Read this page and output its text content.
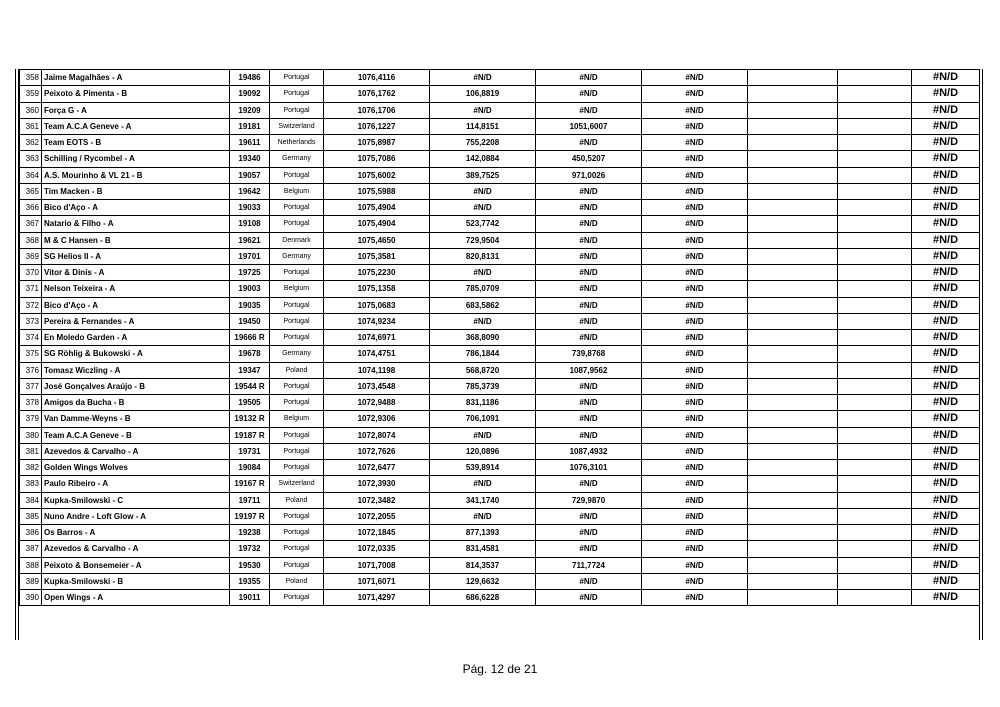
358	Jaime Magalhães - A	19486	Portugal	1076,4116	#N/D	#N/D	#N/D			#N/D
359	Peixoto & Pimenta - B	19092	Portugal	1076,1762	106,8819	#N/D	#N/D			#N/D
360	Força G - A	19209	Portugal	1076,1706	#N/D	#N/D	#N/D			#N/D
361	Team A.C.A Geneve - A	19181	Switzerland	1076,1227	114,8151	1051,6007	#N/D			#N/D
362	Team EOTS - B	19611	Netherlands	1075,8987	755,2208	#N/D	#N/D			#N/D
363	Schilling / Rycombel - A	19340	Germany	1075,7086	142,0884	450,5207	#N/D			#N/D
364	A.S. Mourinho & VL 21 - B	19057	Portugal	1075,6002	389,7525	971,0026	#N/D			#N/D
365	Tim Macken - B	19642	Belgium	1075,5988	#N/D	#N/D	#N/D			#N/D
366	Bico d'Aço - A	19033	Portugal	1075,4904	#N/D	#N/D	#N/D			#N/D
367	Natario & Filho - A	19108	Portugal	1075,4904	523,7742	#N/D	#N/D			#N/D
368	M & C Hansen - B	19621	Denmark	1075,4650	729,9504	#N/D	#N/D			#N/D
369	SG Helios II - A	19701	Germany	1075,3581	820,8131	#N/D	#N/D			#N/D
370	Vitor & Dinis - A	19725	Portugal	1075,2230	#N/D	#N/D	#N/D			#N/D
371	Nelson Teixeira - A	19003	Belgium	1075,1358	785,0709	#N/D	#N/D			#N/D
372	Bico d'Aço - A	19035	Portugal	1075,0683	683,5862	#N/D	#N/D			#N/D
373	Pereira & Fernandes - A	19450	Portugal	1074,9234	#N/D	#N/D	#N/D			#N/D
374	En Moledo Garden - A	19666 R	Portugal	1074,6971	368,8090	#N/D	#N/D			#N/D
375	SG Röhlig & Bukowski - A	19678	Germany	1074,4751	786,1844	739,8768	#N/D			#N/D
376	Tomasz Wiczling - A	19347	Poland	1074,1198	568,8720	1087,9562	#N/D			#N/D
377	José Gonçalves Araújo - B	19544 R	Portugal	1073,4548	785,3739	#N/D	#N/D			#N/D
378	Amigos da Bucha - B	19505	Portugal	1072,9488	831,1186	#N/D	#N/D			#N/D
379	Van Damme-Weyns - B	19132 R	Belgium	1072,9306	706,1091	#N/D	#N/D			#N/D
380	Team A.C.A Geneve - B	19187 R	Portugal	1072,8074	#N/D	#N/D	#N/D			#N/D
381	Azevedos & Carvalho - A	19731	Portugal	1072,7626	120,0896	1087,4932	#N/D			#N/D
382	Golden Wings Wolves	19084	Portugal	1072,6477	539,8914	1076,3101	#N/D			#N/D
383	Paulo Ribeiro - A	19167 R	Switzerland	1072,3930	#N/D	#N/D	#N/D			#N/D
384	Kupka-Smilowski - C	19711	Poland	1072,3482	341,1740	729,9870	#N/D			#N/D
385	Nuno Andre - Loft Glow - A	19197 R	Portugal	1072,2055	#N/D	#N/D	#N/D			#N/D
386	Os Barros - A	19238	Portugal	1072,1845	877,1393	#N/D	#N/D			#N/D
387	Azevedos & Carvalho - A	19732	Portugal	1072,0335	831,4581	#N/D	#N/D			#N/D
388	Peixoto & Bonsemeier - A	19530	Portugal	1071,7008	814,3537	711,7724	#N/D			#N/D
389	Kupka-Smilowski - B	19355	Poland	1071,6071	129,6632	#N/D	#N/D			#N/D
390	Open Wings - A	19011	Portugal	1071,4297	686,6228	#N/D	#N/D			#N/D
Pág. 12 de 21
